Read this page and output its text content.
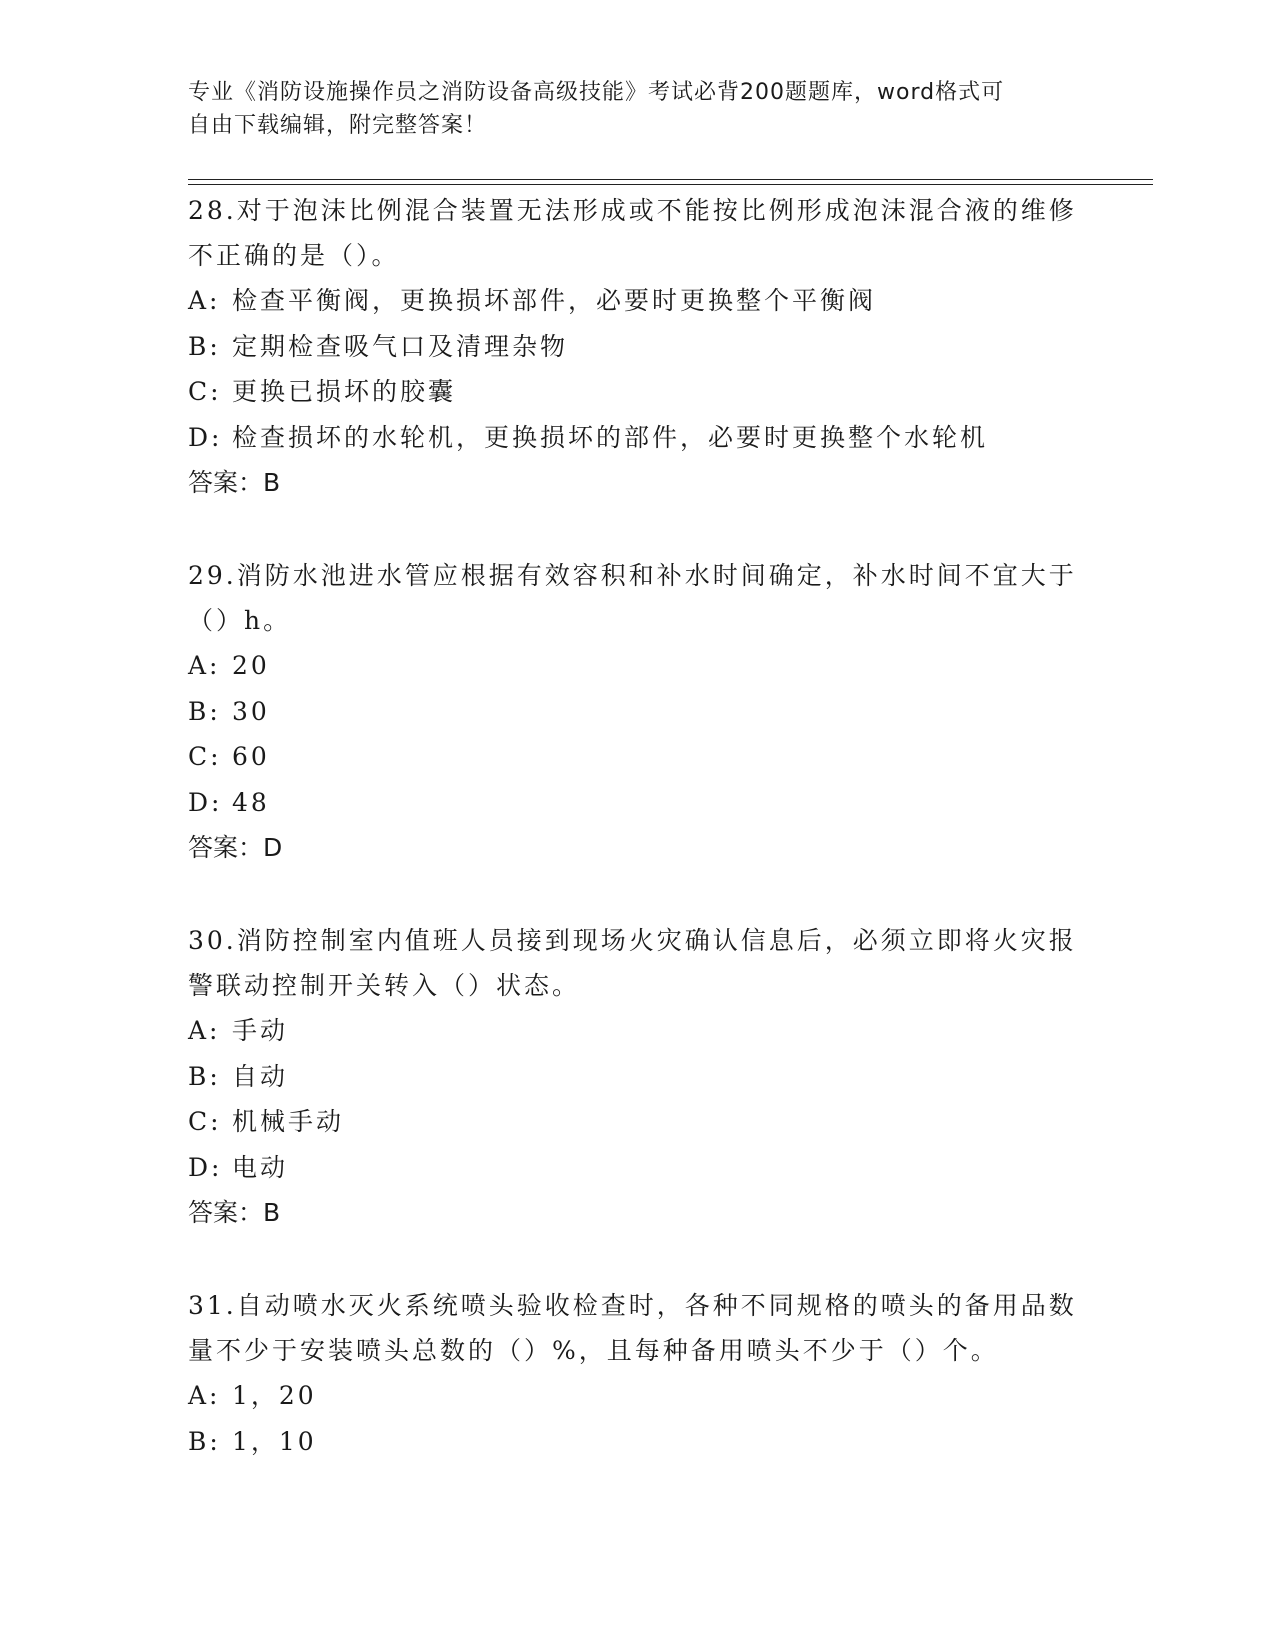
专业《消防设施操作员之消防设备高级技能》考试必背200题题库，word格式可
自由下载编辑，附完整答案！

28.对于泡沫比例混合装置无法形成或不能按比例形成泡沫混合液的维修不正确的是（）。

A: 检查平衡阀，更换损坏部件，必要时更换整个平衡阀

B: 定期检查吸气口及清理杂物

C: 更换已损坏的胶囊

D: 检查损坏的水轮机，更换损坏的部件，必要时更换整个水轮机

答案：B

29.消防水池进水管应根据有效容积和补水时间确定，补水时间不宜大于（）h。

A: 20

B: 30

C: 60

D: 48

答案：D

30.消防控制室内值班人员接到现场火灾确认信息后，必须立即将火灾报警联动控制开关转入（）状态。

A: 手动

B: 自动

C: 机械手动

D: 电动

答案：B

31.自动喷水灭火系统喷头验收检查时，各种不同规格的喷头的备用品数量不少于安装喷头总数的（）%，且每种备用喷头不少于（）个。

A: 1，20

B: 1，10
